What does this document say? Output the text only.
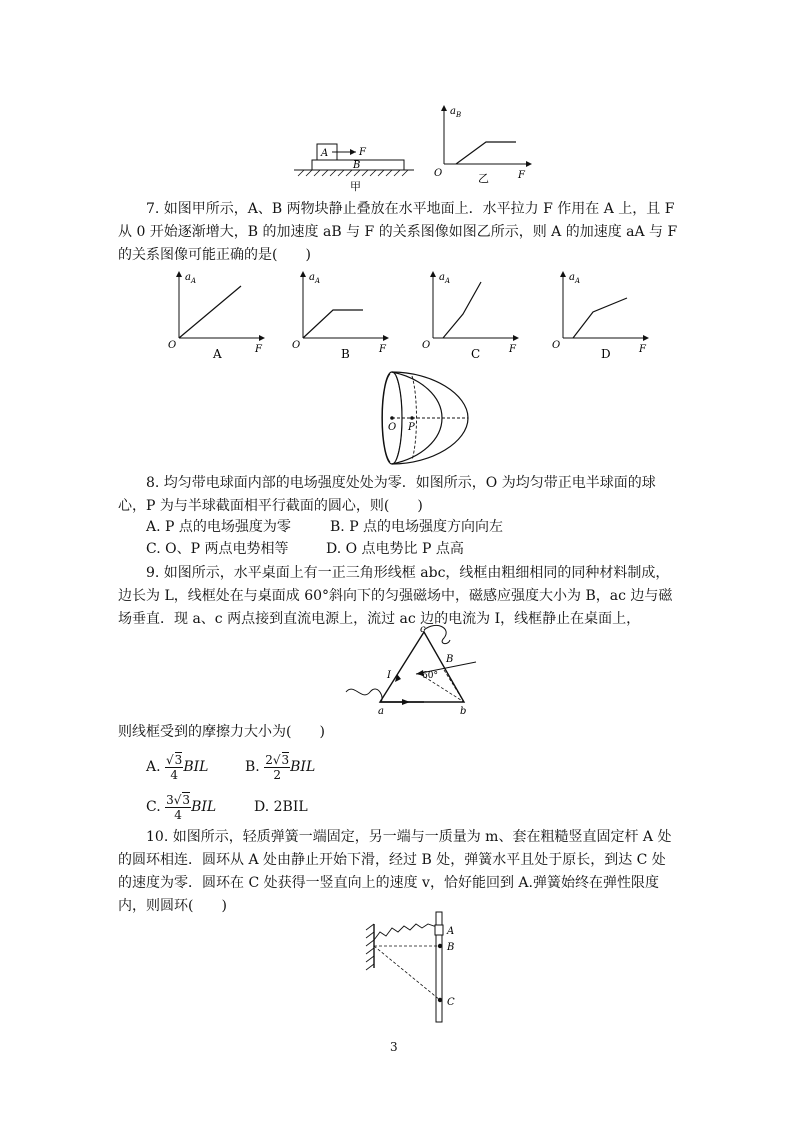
A
B
F
甲
$a_B$
O	F
乙
7. 如图甲所示，A、B 两物块静止叠放在水平地面上．水平拉力 F 作用在 A 上，且 F 从 0 开始逐渐增大，B 的加速度 aB 与 F 的关系图像如图乙所示，则 A 的加速度 aA 与 F 的关系图像可能正确的是(　　)
$a_A$
O	F
A
$a_A$
O	F
B
$a_A$
O	F
C
$a_A$
O	F
D
O P
8. 均匀带电球面内部的电场强度处处为零．如图所示，O 为均匀带正电半球面的球心，P 为与半球截面相平行截面的圆心，则(　　)
A. P 点的电场强度为零	B. P 点的电场强度方向向左
C. O、P 两点电势相等	D. O 点电势比 P 点高
9. 如图所示，水平桌面上有一正三角形线框 abc，线框由粗细相同的同种材料制成，边长为 L，线框处在与桌面成 60°斜向下的匀强磁场中，磁感应强度大小为 B，ac 边与磁场垂直．现 a、c 两点接到直流电源上，流过 ac 边的电流为 I，线框静止在桌面上，
c
B
60°
I
b
a
则线框受到的摩擦力大小为(　　)
A. $\frac{√3}{4}$ BIL	B. $\frac{2√3}{2}$ BIL
C. $\frac{3√3}{4}$ BIL	D. 2BIL
10. 如图所示，轻质弹簧一端固定，另一端与一质量为 m、套在粗糙竖直固定杆 A 处的圆环相连．圆环从 A 处由静止开始下滑，经过 B 处，弹簧水平且处于原长，到达 C 处的速度为零．圆环在 C 处获得一竖直向上的速度 v，恰好能回到 A.弹簧始终在弹性限度内，则圆环(　　)
A
B
C
3
